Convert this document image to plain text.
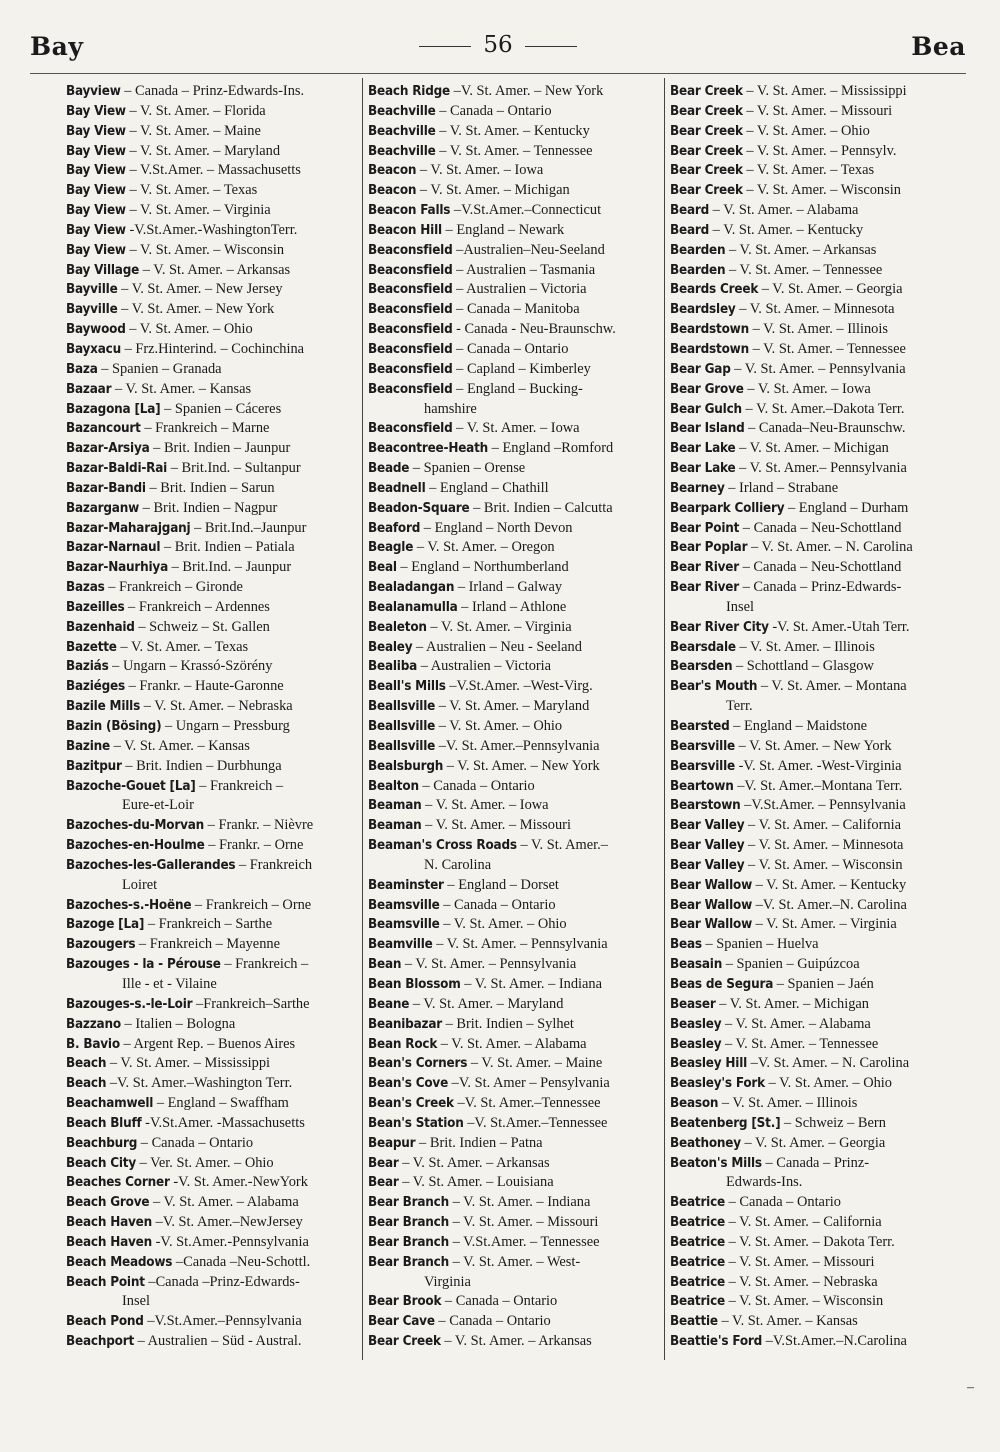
Bay	56	Bea
Bayview – Canada – Prinz-Edwards-Ins.
Bay View – V. St. Amer. – Florida
Bay View – V. St. Amer. – Maine
Bay View – V. St. Amer. – Maryland
Bay View – V.St.Amer. – Massachusetts
Bay View – V. St. Amer. – Texas
Bay View – V. St. Amer. – Virginia
Bay View -V.St.Amer.-WashingtonTerr.
Bay View – V. St. Amer. – Wisconsin
Bay Village – V. St. Amer. – Arkansas
Bayville – V. St. Amer. – New Jersey
Bayville – V. St. Amer. – New York
Baywood – V. St. Amer. – Ohio
Bayxacu – Frz.Hinterind. – Cochinchina
Baza – Spanien – Granada
Bazaar – V. St. Amer. – Kansas
Bazagona [La] – Spanien – Cáceres
Bazancourt – Frankreich – Marne
Bazar-Arsiya – Brit. Indien – Jaunpur
Bazar-Baldi-Rai – Brit.Ind. – Sultanpur
Bazar-Bandi – Brit. Indien – Sarun
Bazarganw – Brit. Indien – Nagpur
Bazar-Maharajganj – Brit.Ind.–Jaunpur
Bazar-Narnaul – Brit. Indien – Patiala
Bazar-Naurhiya – Brit.Ind. – Jaunpur
Bazas – Frankreich – Gironde
Bazeilles – Frankreich – Ardennes
Bazenhaid – Schweiz – St. Gallen
Bazette – V. St. Amer. – Texas
Baziás – Ungarn – Krassó-Szörény
Baziéges – Frankr. – Haute-Garonne
Bazile Mills – V. St. Amer. – Nebraska
Bazin (Bösing) – Ungarn – Pressburg
Bazine – V. St. Amer. – Kansas
Bazitpur – Brit. Indien – Durbhunga
Bazoche-Gouet [La] – Frankreich –
Eure-et-Loir
Bazoches-du-Morvan – Frankr. – Nièvre
Bazoches-en-Houlme – Frankr. – Orne
Bazoches-les-Gallerandes – Frankreich
Loiret
Bazoches-s.-Hoëne – Frankreich – Orne
Bazoge [La] – Frankreich – Sarthe
Bazougers – Frankreich – Mayenne
Bazouges - la - Pérouse – Frankreich –
Ille - et - Vilaine
Bazouges-s.-le-Loir –Frankreich–Sarthe
Bazzano – Italien – Bologna
B. Bavio – Argent Rep. – Buenos Aires
Beach – V. St. Amer. – Mississippi
Beach –V. St. Amer.–Washington Terr.
Beachamwell – England – Swaffham
Beach Bluff -V.St.Amer. -Massachusetts
Beachburg – Canada – Ontario
Beach City – Ver. St. Amer. – Ohio
Beaches Corner -V. St. Amer.-NewYork
Beach Grove – V. St. Amer. – Alabama
Beach Haven –V. St. Amer.–NewJersey
Beach Haven -V. St.Amer.-Pennsylvania
Beach Meadows –Canada –Neu-Schottl.
Beach Point –Canada –Prinz-Edwards-
Insel
Beach Pond –V.St.Amer.–Pennsylvania
Beachport – Australien – Süd - Austral.
Beach Ridge –V. St. Amer. – New York
Beachville – Canada – Ontario
Beachville – V. St. Amer. – Kentucky
Beachville – V. St. Amer. – Tennessee
Beacon – V. St. Amer. – Iowa
Beacon – V. St. Amer. – Michigan
Beacon Falls –V.St.Amer.–Connecticut
Beacon Hill – England – Newark
Beaconsfield –Australien–Neu-Seeland
Beaconsfield – Australien – Tasmania
Beaconsfield – Australien – Victoria
Beaconsfield – Canada – Manitoba
Beaconsfield - Canada - Neu-Braunschw.
Beaconsfield – Canada – Ontario
Beaconsfield – Capland – Kimberley
Beaconsfield – England – Bucking-
hamshire
Beaconsfield – V. St. Amer. – Iowa
Beacontree-Heath – England –Romford
Beade – Spanien – Orense
Beadnell – England – Chathill
Beadon-Square – Brit. Indien – Calcutta
Beaford – England – North Devon
Beagle – V. St. Amer. – Oregon
Beal – England – Northumberland
Bealadangan – Irland – Galway
Bealanamulla – Irland – Athlone
Bealeton – V. St. Amer. – Virginia
Bealey – Australien – Neu - Seeland
Bealiba – Australien – Victoria
Beall's Mills –V.St.Amer. –West-Virg.
Beallsville – V. St. Amer. – Maryland
Beallsville – V. St. Amer. – Ohio
Beallsville –V. St. Amer.–Pennsylvania
Bealsburgh – V. St. Amer. – New York
Bealton – Canada – Ontario
Beaman – V. St. Amer. – Iowa
Beaman – V. St. Amer. – Missouri
Beaman's Cross Roads – V. St. Amer.–
N. Carolina
Beaminster – England – Dorset
Beamsville – Canada – Ontario
Beamsville – V. St. Amer. – Ohio
Beamville – V. St. Amer. – Pennsylvania
Bean – V. St. Amer. – Pennsylvania
Bean Blossom – V. St. Amer. – Indiana
Beane – V. St. Amer. – Maryland
Beanibazar – Brit. Indien – Sylhet
Bean Rock – V. St. Amer. – Alabama
Bean's Corners – V. St. Amer. – Maine
Bean's Cove –V. St. Amer – Pensylvania
Bean's Creek –V. St. Amer.–Tennessee
Bean's Station –V. St.Amer.–Tennessee
Beapur – Brit. Indien – Patna
Bear – V. St. Amer. – Arkansas
Bear – V. St. Amer. – Louisiana
Bear Branch – V. St. Amer. – Indiana
Bear Branch – V. St. Amer. – Missouri
Bear Branch – V.St.Amer. – Tennessee
Bear Branch – V. St. Amer. – West-
Virginia
Bear Brook – Canada – Ontario
Bear Cave – Canada – Ontario
Bear Creek – V. St. Amer. – Arkansas
Bear Creek – V. St. Amer. – Mississippi
Bear Creek – V. St. Amer. – Missouri
Bear Creek – V. St. Amer. – Ohio
Bear Creek – V. St. Amer. – Pennsylv.
Bear Creek – V. St. Amer. – Texas
Bear Creek – V. St. Amer. – Wisconsin
Beard – V. St. Amer. – Alabama
Beard – V. St. Amer. – Kentucky
Bearden – V. St. Amer. – Arkansas
Bearden – V. St. Amer. – Tennessee
Beards Creek – V. St. Amer. – Georgia
Beardsley – V. St. Amer. – Minnesota
Beardstown – V. St. Amer. – Illinois
Beardstown – V. St. Amer. – Tennessee
Bear Gap – V. St. Amer. – Pennsylvania
Bear Grove – V. St. Amer. – Iowa
Bear Gulch – V. St. Amer.–Dakota Terr.
Bear Island – Canada–Neu-Braunschw.
Bear Lake – V. St. Amer. – Michigan
Bear Lake – V. St. Amer.– Pennsylvania
Bearney – Irland – Strabane
Bearpark Colliery – England – Durham
Bear Point – Canada – Neu-Schottland
Bear Poplar – V. St. Amer. – N. Carolina
Bear River – Canada – Neu-Schottland
Bear River – Canada – Prinz-Edwards-
Insel
Bear River City -V. St. Amer.-Utah Terr.
Bearsdale – V. St. Amer. – Illinois
Bearsden – Schottland – Glasgow
Bear's Mouth – V. St. Amer. – Montana
Terr.
Bearsted – England – Maidstone
Bearsville – V. St. Amer. – New York
Bearsville -V. St. Amer. -West-Virginia
Beartown –V. St. Amer.–Montana Terr.
Bearstown –V.St.Amer. – Pennsylvania
Bear Valley – V. St. Amer. – California
Bear Valley – V. St. Amer. – Minnesota
Bear Valley – V. St. Amer. – Wisconsin
Bear Wallow – V. St. Amer. – Kentucky
Bear Wallow –V. St. Amer.–N. Carolina
Bear Wallow – V. St. Amer. – Virginia
Beas – Spanien – Huelva
Beasain – Spanien – Guipúzcoa
Beas de Segura – Spanien – Jaén
Beaser – V. St. Amer. – Michigan
Beasley – V. St. Amer. – Alabama
Beasley – V. St. Amer. – Tennessee
Beasley Hill –V. St. Amer. – N. Carolina
Beasley's Fork – V. St. Amer. – Ohio
Beason – V. St. Amer. – Illinois
Beatenberg [St.] – Schweiz – Bern
Beathoney – V. St. Amer. – Georgia
Beaton's Mills – Canada – Prinz-
Edwards-Ins.
Beatrice – Canada – Ontario
Beatrice – V. St. Amer. – California
Beatrice – V. St. Amer. – Dakota Terr.
Beatrice – V. St. Amer. – Missouri
Beatrice – V. St. Amer. – Nebraska
Beatrice – V. St. Amer. – Wisconsin
Beattie – V. St. Amer. – Kansas
Beattie's Ford –V.St.Amer.–N.Carolina
–
